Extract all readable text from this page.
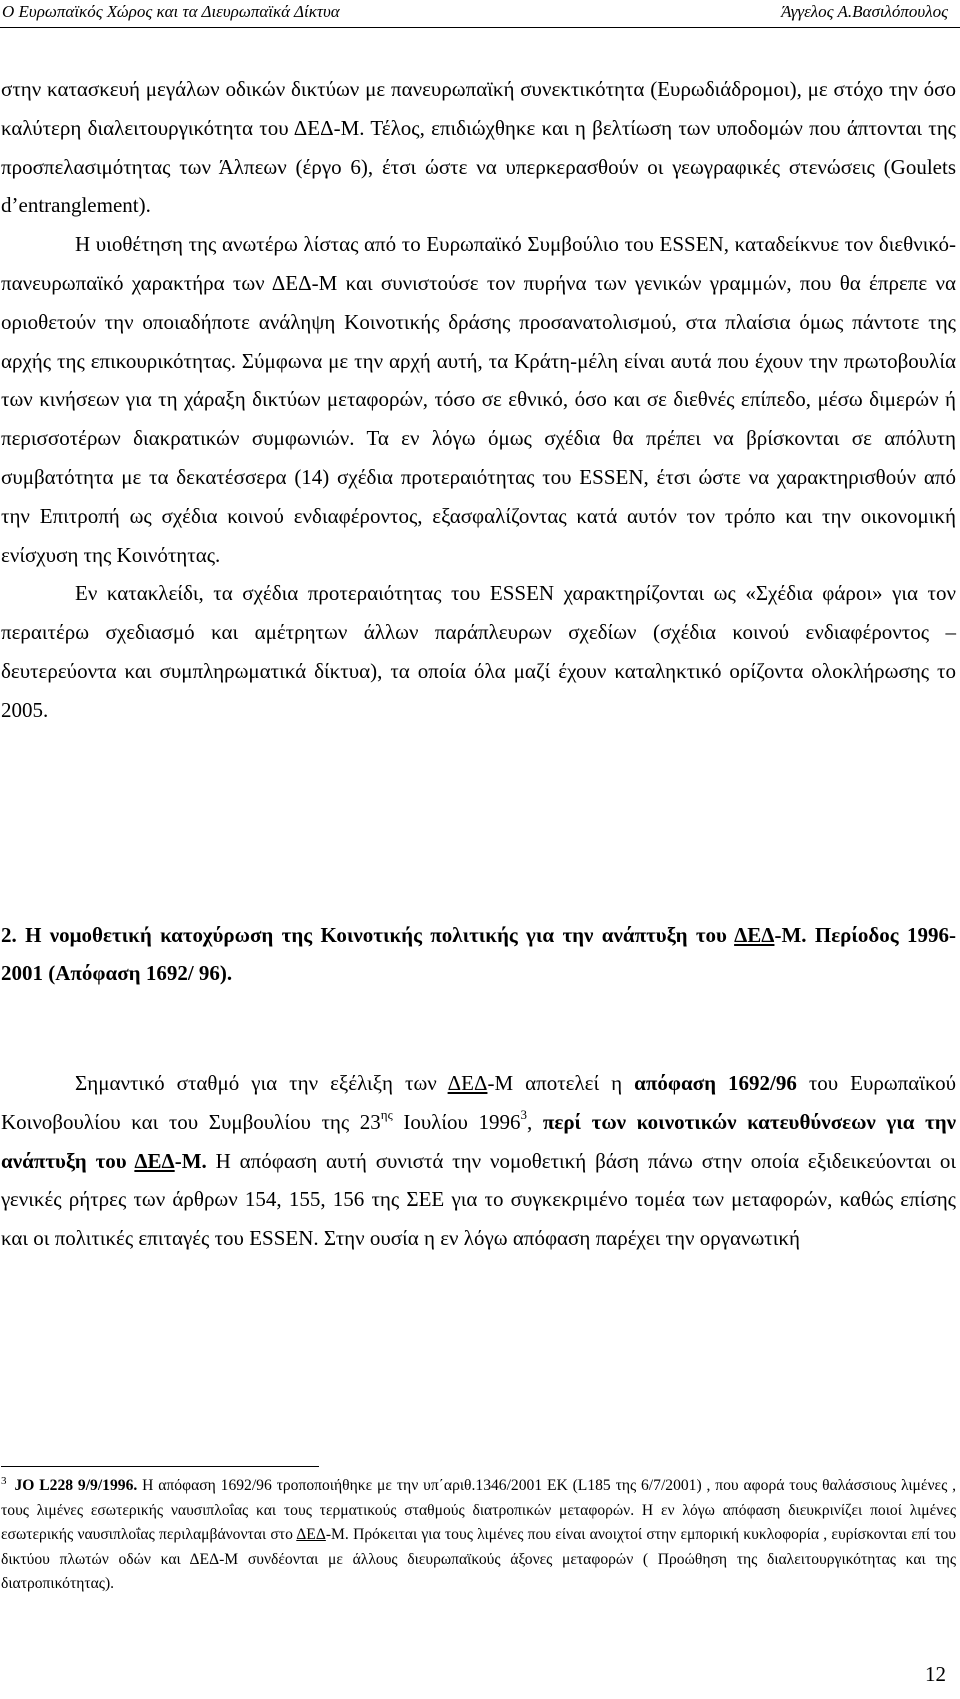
Ο Ευρωπαϊκός Χώρος και τα Διευρωπαϊκά Δίκτυα	Άγγελος Α.Βασιλόπουλος

στην κατασκευή μεγάλων οδικών δικτύων με πανευρωπαϊκή συνεκτικότητα (Ευρωδιάδρομοι), με στόχο την όσο καλύτερη διαλειτουργικότητα του ΔΕΔ-Μ. Τέλος, επιδιώχθηκε και η βελτίωση των υποδομών που άπτονται της προσπελασιμότητας των Άλπεων (έργο 6), έτσι ώστε να υπερκερασθούν οι γεωγραφικές στενώσεις (Goulets d’entranglement).

Η υιοθέτηση της ανωτέρω λίστας από το Ευρωπαϊκό Συμβούλιο του ESSEN, καταδείκνυε τον διεθνικό-πανευρωπαϊκό χαρακτήρα των ΔΕΔ-Μ και συνιστούσε τον πυρήνα των γενικών γραμμών, που θα έπρεπε να οριοθετούν την οποιαδήποτε ανάληψη Κοινοτικής δράσης προσανατολισμού, στα πλαίσια όμως πάντοτε της αρχής της επικουρικότητας. Σύμφωνα με την αρχή αυτή, τα Κράτη-μέλη είναι αυτά που έχουν την πρωτοβουλία των κινήσεων για τη χάραξη δικτύων μεταφορών, τόσο σε εθνικό, όσο και σε διεθνές επίπεδο, μέσω διμερών ή περισσοτέρων διακρατικών συμφωνιών. Τα εν λόγω όμως σχέδια θα πρέπει να βρίσκονται σε απόλυτη συμβατότητα με τα δεκατέσσερα (14) σχέδια προτεραιότητας του ESSEN, έτσι ώστε να χαρακτηρισθούν από την Επιτροπή ως σχέδια κοινού ενδιαφέροντος, εξασφαλίζοντας κατά αυτόν τον τρόπο και την οικονομική ενίσχυση της Κοινότητας.

Εν κατακλείδι, τα σχέδια προτεραιότητας του ESSEN χαρακτηρίζονται ως «Σχέδια φάροι» για τον περαιτέρω σχεδιασμό και αμέτρητων άλλων παράπλευρων σχεδίων (σχέδια κοινού ενδιαφέροντος – δευτερεύοντα και συμπληρωματικά δίκτυα), τα οποία όλα μαζί έχουν καταληκτικό ορίζοντα ολοκλήρωσης το 2005.

2. Η νομοθετική κατοχύρωση της Κοινοτικής πολιτικής για την ανάπτυξη του ΔΕΔ-Μ. Περίοδος 1996-2001 (Απόφαση 1692/ 96).

Σημαντικό σταθμό για την εξέλιξη των ΔΕΔ-Μ αποτελεί η απόφαση 1692/96 του Ευρωπαϊκού Κοινοβουλίου και του Συμβουλίου της $23^{\eta\varsigma}$ Ιουλίου 1996$^3$, περί των κοινοτικών κατευθύνσεων για την ανάπτυξη του ΔΕΔ-Μ. Η απόφαση αυτή συνιστά την νομοθετική βάση πάνω στην οποία εξιδεικεύονται οι γενικές ρήτρες των άρθρων 154, 155, 156 της ΣΕΕ για το συγκεκριμένο τομέα των μεταφορών, καθώς επίσης και οι πολιτικές επιταγές του ESSEN. Στην ουσία η εν λόγω απόφαση παρέχει την οργανωτική

$^3$ JO L228 9/9/1996. Η απόφαση 1692/96 τροποποιήθηκε με την υπ΄αριθ.1346/2001 ΕΚ (L185 της 6/7/2001) , που αφορά τους θαλάσσιους λιμένες , τους λιμένες εσωτερικής ναυσιπλοΐας και τους τερματικούς σταθμούς διατροπικών μεταφορών. Η εν λόγω απόφαση διευκρινίζει ποιοί λιμένες εσωτερικής ναυσιπλοΐας περιλαμβάνονται στο ΔΕΔ-Μ. Πρόκειται για τους λιμένες που είναι ανοιχτοί στην εμπορική κυκλοφορία , ευρίσκονται επί του δικτύου πλωτών οδών και ΔΕΔ-Μ συνδέονται με άλλους διευρωπαϊκούς άξονες μεταφορών ( Προώθηση της διαλειτουργικότητας και της διατροπικότητας).

12
